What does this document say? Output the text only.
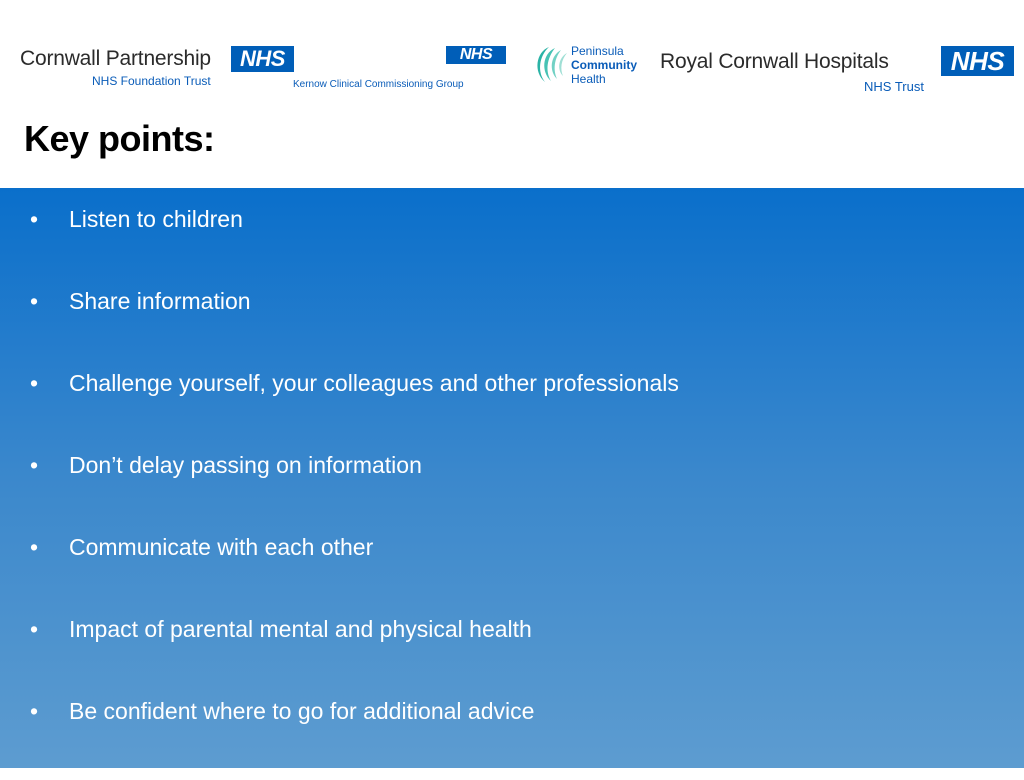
Cornwall Partnership	NHS
NHS Foundation Trust
NHS
Kernow Clinical Commissioning Group
Peninsula
Community
Health
Royal Cornwall Hospitals	NHS
NHS Trust
Key points:
•	Listen to children
•	Share information
•	Challenge yourself, your colleagues and other professionals
•	Don’t delay passing on information
•	Communicate with each other
•	Impact of parental mental and physical health
•	Be confident where to go for additional advice
